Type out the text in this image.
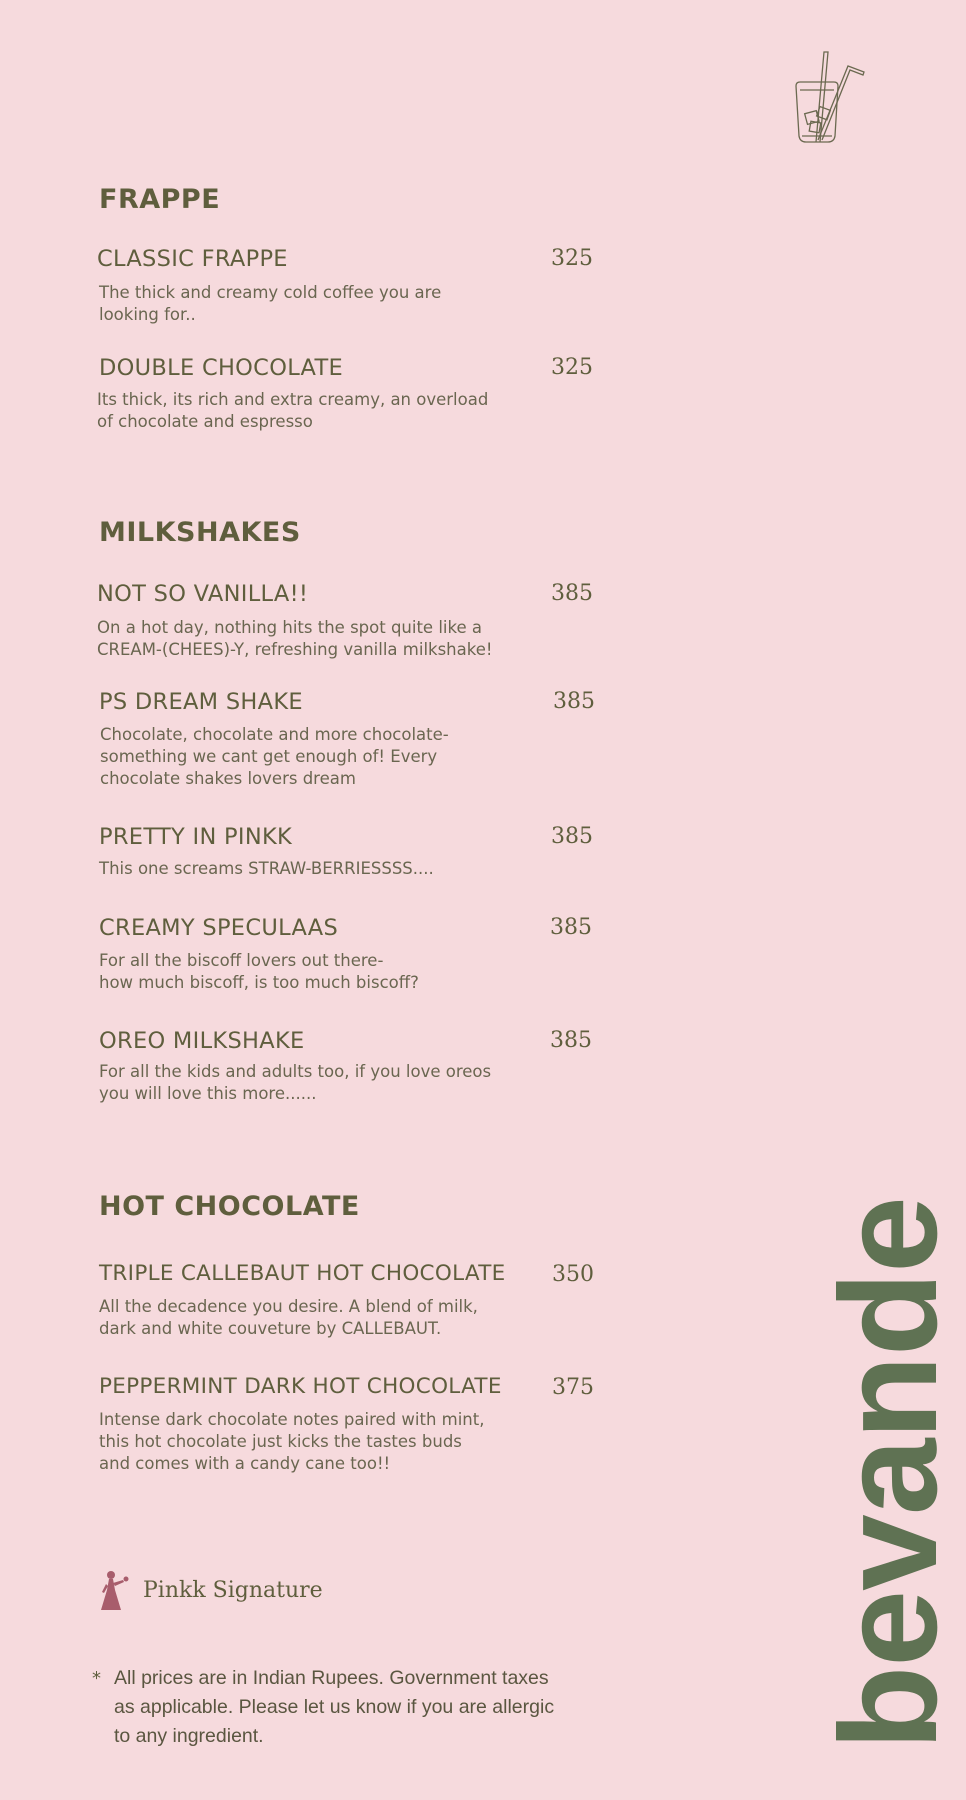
FRAPPE
CLASSIC FRAPPE	325
The thick and creamy cold coffee you are
looking for..
DOUBLE CHOCOLATE	325
Its thick, its rich and extra creamy, an overload
of chocolate and espresso
MILKSHAKES
NOT SO VANILLA!!	385
On a hot day, nothing hits the spot quite like a
CREAM-(CHEES)-Y, refreshing vanilla milkshake!
PS DREAM SHAKE	385
Chocolate, chocolate and more chocolate-
something we cant get enough of! Every
chocolate shakes lovers dream
PRETTY IN PINKK	385
This one screams STRAW-BERRIESSSS....
CREAMY SPECULAAS	385
For all the biscoff lovers out there-
how much biscoff, is too much biscoff?
OREO MILKSHAKE	385
For all the kids and adults too, if you love oreos
you will love this more......
HOT CHOCOLATE
TRIPLE CALLEBAUT HOT CHOCOLATE 350
All the decadence you desire. A blend of milk,
dark and white couveture by CALLEBAUT.
PEPPERMINT DARK HOT CHOCOLATE 375
Intense dark chocolate notes paired with mint,
this hot chocolate just kicks the tastes buds
and comes with a candy cane too!!
Pinkk Signature
* All prices are in Indian Rupees. Government taxes
as applicable. Please let us know if you are allergic
to any ingredient.	bevande
